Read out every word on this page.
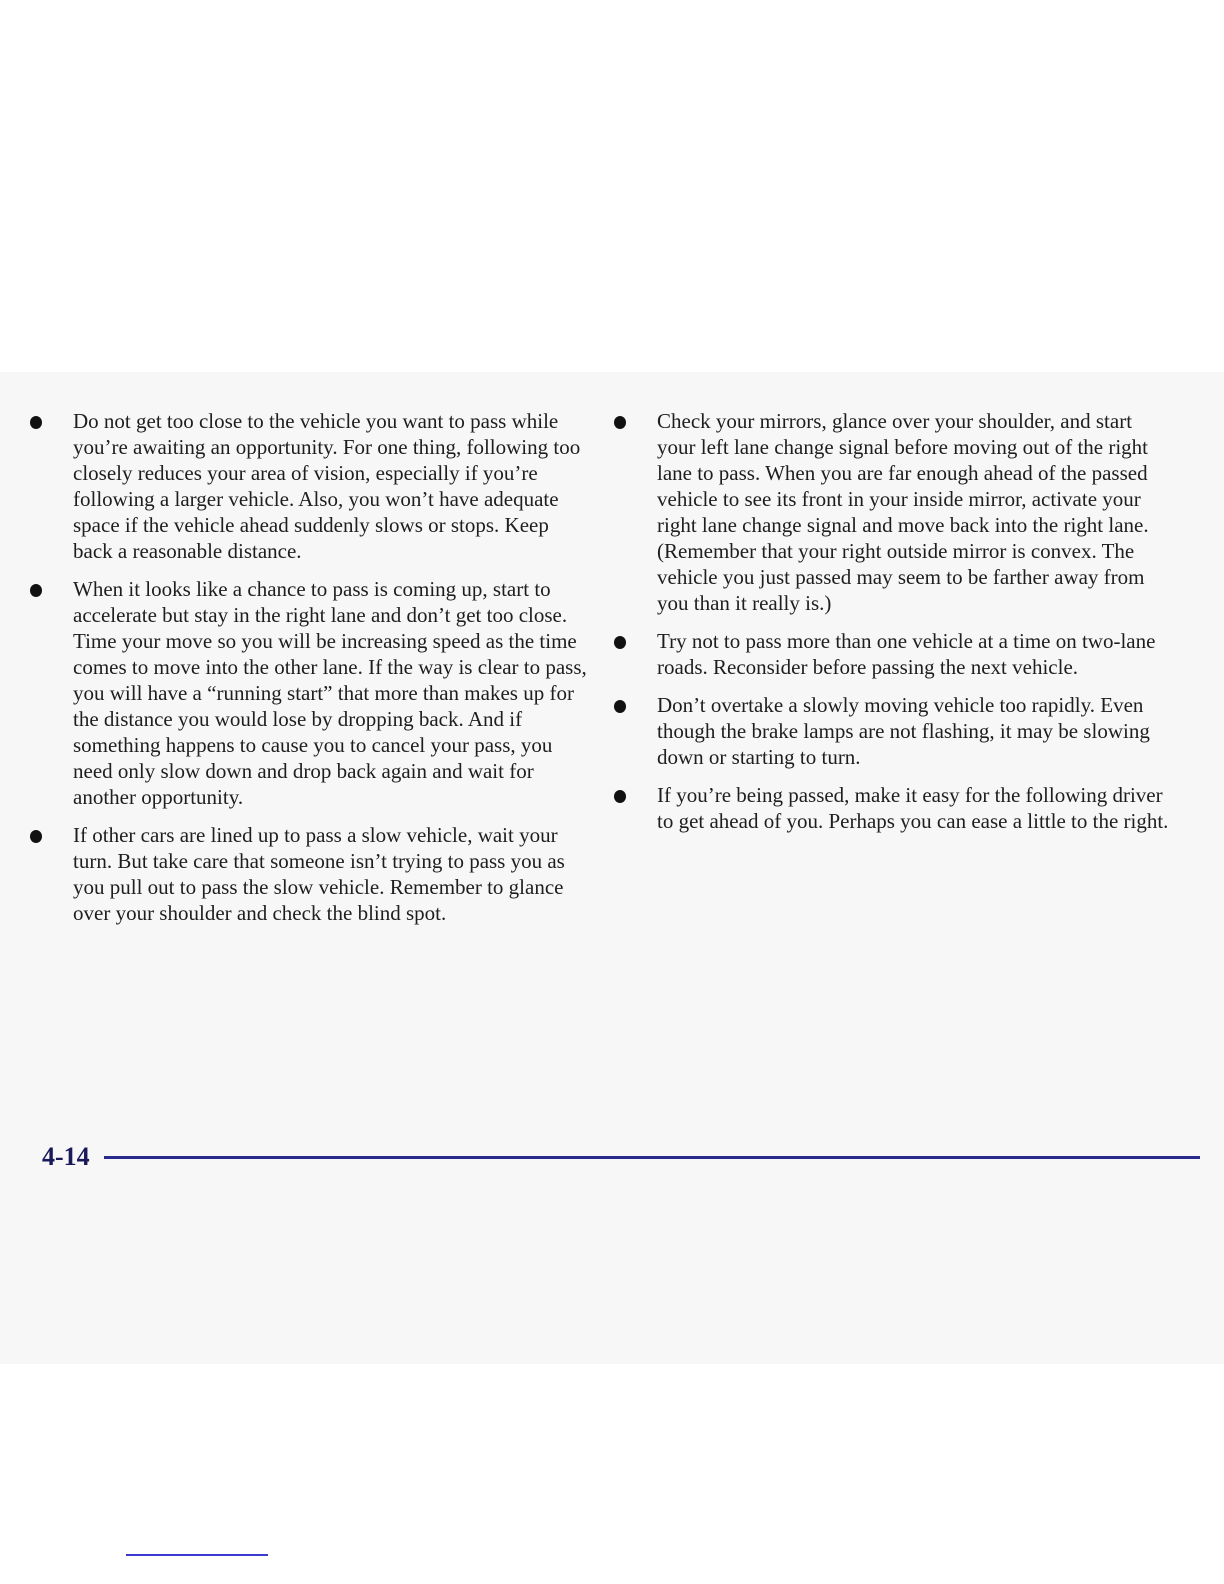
Do not get too close to the vehicle you want to pass while you’re awaiting an opportunity. For one thing, following too closely reduces your area of vision, especially if you’re following a larger vehicle. Also, you won’t have adequate space if the vehicle ahead suddenly slows or stops. Keep back a reasonable distance.
When it looks like a chance to pass is coming up, start to accelerate but stay in the right lane and don’t get too close. Time your move so you will be increasing speed as the time comes to move into the other lane. If the way is clear to pass, you will have a “running start” that more than makes up for the distance you would lose by dropping back. And if something happens to cause you to cancel your pass, you need only slow down and drop back again and wait for another opportunity.
If other cars are lined up to pass a slow vehicle, wait your turn. But take care that someone isn’t trying to pass you as you pull out to pass the slow vehicle. Remember to glance over your shoulder and check the blind spot.
Check your mirrors, glance over your shoulder, and start your left lane change signal before moving out of the right lane to pass. When you are far enough ahead of the passed vehicle to see its front in your inside mirror, activate your right lane change signal and move back into the right lane. (Remember that your right outside mirror is convex. The vehicle you just passed may seem to be farther away from you than it really is.)
Try not to pass more than one vehicle at a time on two-lane roads. Reconsider before passing the next vehicle.
Don’t overtake a slowly moving vehicle too rapidly. Even though the brake lamps are not flashing, it may be slowing down or starting to turn.
If you’re being passed, make it easy for the following driver to get ahead of you. Perhaps you can ease a little to the right.
4-14
